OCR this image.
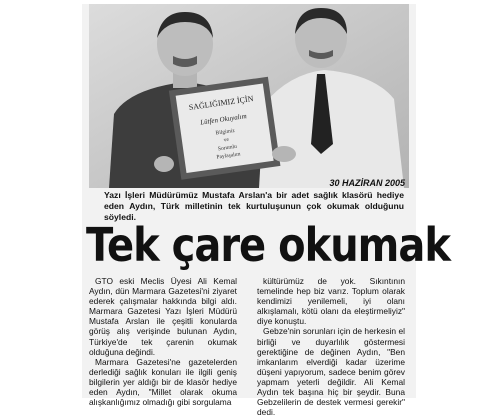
SAĞLIĞIMIZ İÇİN
Lütfen Okuyalım
Bilgimiz
ve
Sorumlu
Paylaşalım
30 HAZİRAN 2005
Yazı İşleri Müdürümüz Mustafa Arslan'a bir adet sağlık klasörü hediye eden Aydın, Türk milletinin tek kurtuluşunun çok okumak olduğunu söyledi.
Tek çare okumak

GTO eski Meclis Üyesi Ali Kemal Aydın, dün Marmara Gazetesi'ni ziyaret ederek çalışmalar hakkında bilgi aldı. Marmara Gazetesi Yazı İşleri Müdürü Mustafa Arslan ile çeşitli konularda görüş alış verişinde bulunan Aydın, Türkiye'de tek çarenin okumak olduğuna değindi.

Marmara Gazetesi'ne gazetelerden derlediği sağlık konuları ile ilgili geniş bilgilerin yer aldığı bir de klasör hediye eden Aydın, "Millet olarak okuma alışkanlığımız olmadığı gibi sorgulama

kültürümüz de yok. Sıkıntının temelinde hep biz varız. Toplum olarak kendimizi yenilemeli, iyi olanı alkışlamalı, kötü olanı da eleştirmeliyiz" diye konuştu.

Gebze'nin sorunları için de herkesin el birliği ve duyarlılık göstermesi gerektiğine de değinen Aydın, "Ben imkanlarım elverdiği kadar üzerime düşeni yapıyorum, sadece benim görev yapmam yeterli değildir. Ali Kemal Aydın tek başına hiç bir şeydir. Buna Gebzelilerin de destek vermesi gerekir" dedi.
